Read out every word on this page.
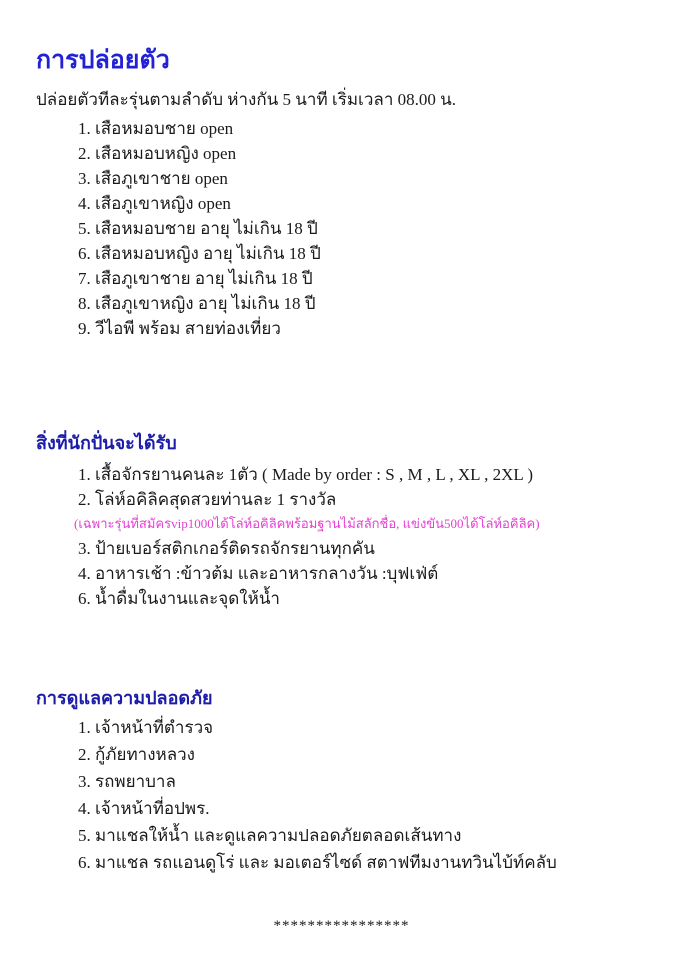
การปล่อยตัว
ปล่อยตัวทีละรุ่นตามลำดับ ห่างกัน 5 นาที เริ่มเวลา 08.00 น.
1. เสือหมอบชาย open
2. เสือหมอบหญิง open
3. เสือภูเขาชาย open
4. เสือภูเขาหญิง open
5. เสือหมอบชาย อายุ ไม่เกิน 18 ปี
6. เสือหมอบหญิง อายุ ไม่เกิน 18 ปี
7. เสือภูเขาชาย อายุ ไม่เกิน 18 ปี
8. เสือภูเขาหญิง อายุ ไม่เกิน 18 ปี
9. วีไอพี พร้อม สายท่องเที่ยว
สิ่งที่นักปั่นจะได้รับ
1. เสื้อจักรยานคนละ 1ตัว ( Made by order : S , M , L , XL , 2XL )
2. โล่ห์อคิลิคสุดสวยท่านละ 1 รางวัล
(เฉพาะรุ่นที่สมัครvip1000ได้โล่ห์อคิลิคพร้อมฐานไม้สลักชื่อ, แข่งขัน500ได้โล่ห์อคิลิค)
3. ป้ายเบอร์สติกเกอร์ติดรถจักรยานทุกคัน
4. อาหารเช้า :ข้าวต้ม และอาหารกลางวัน :บุฟเฟ่ต์
6. น้ำดื่มในงานและจุดให้น้ำ
การดูแลความปลอดภัย
1. เจ้าหน้าที่ตำรวจ
2. กู้ภัยทางหลวง
3. รถพยาบาล
4. เจ้าหน้าที่อปพร.
5. มาแชลให้น้ำ และดูแลความปลอดภัยตลอดเส้นทาง
6. มาแชล รถแอนดูโร่ และ มอเตอร์ไซด์ สตาฟทีมงานทวินไบ้ท์คลับ
****************
